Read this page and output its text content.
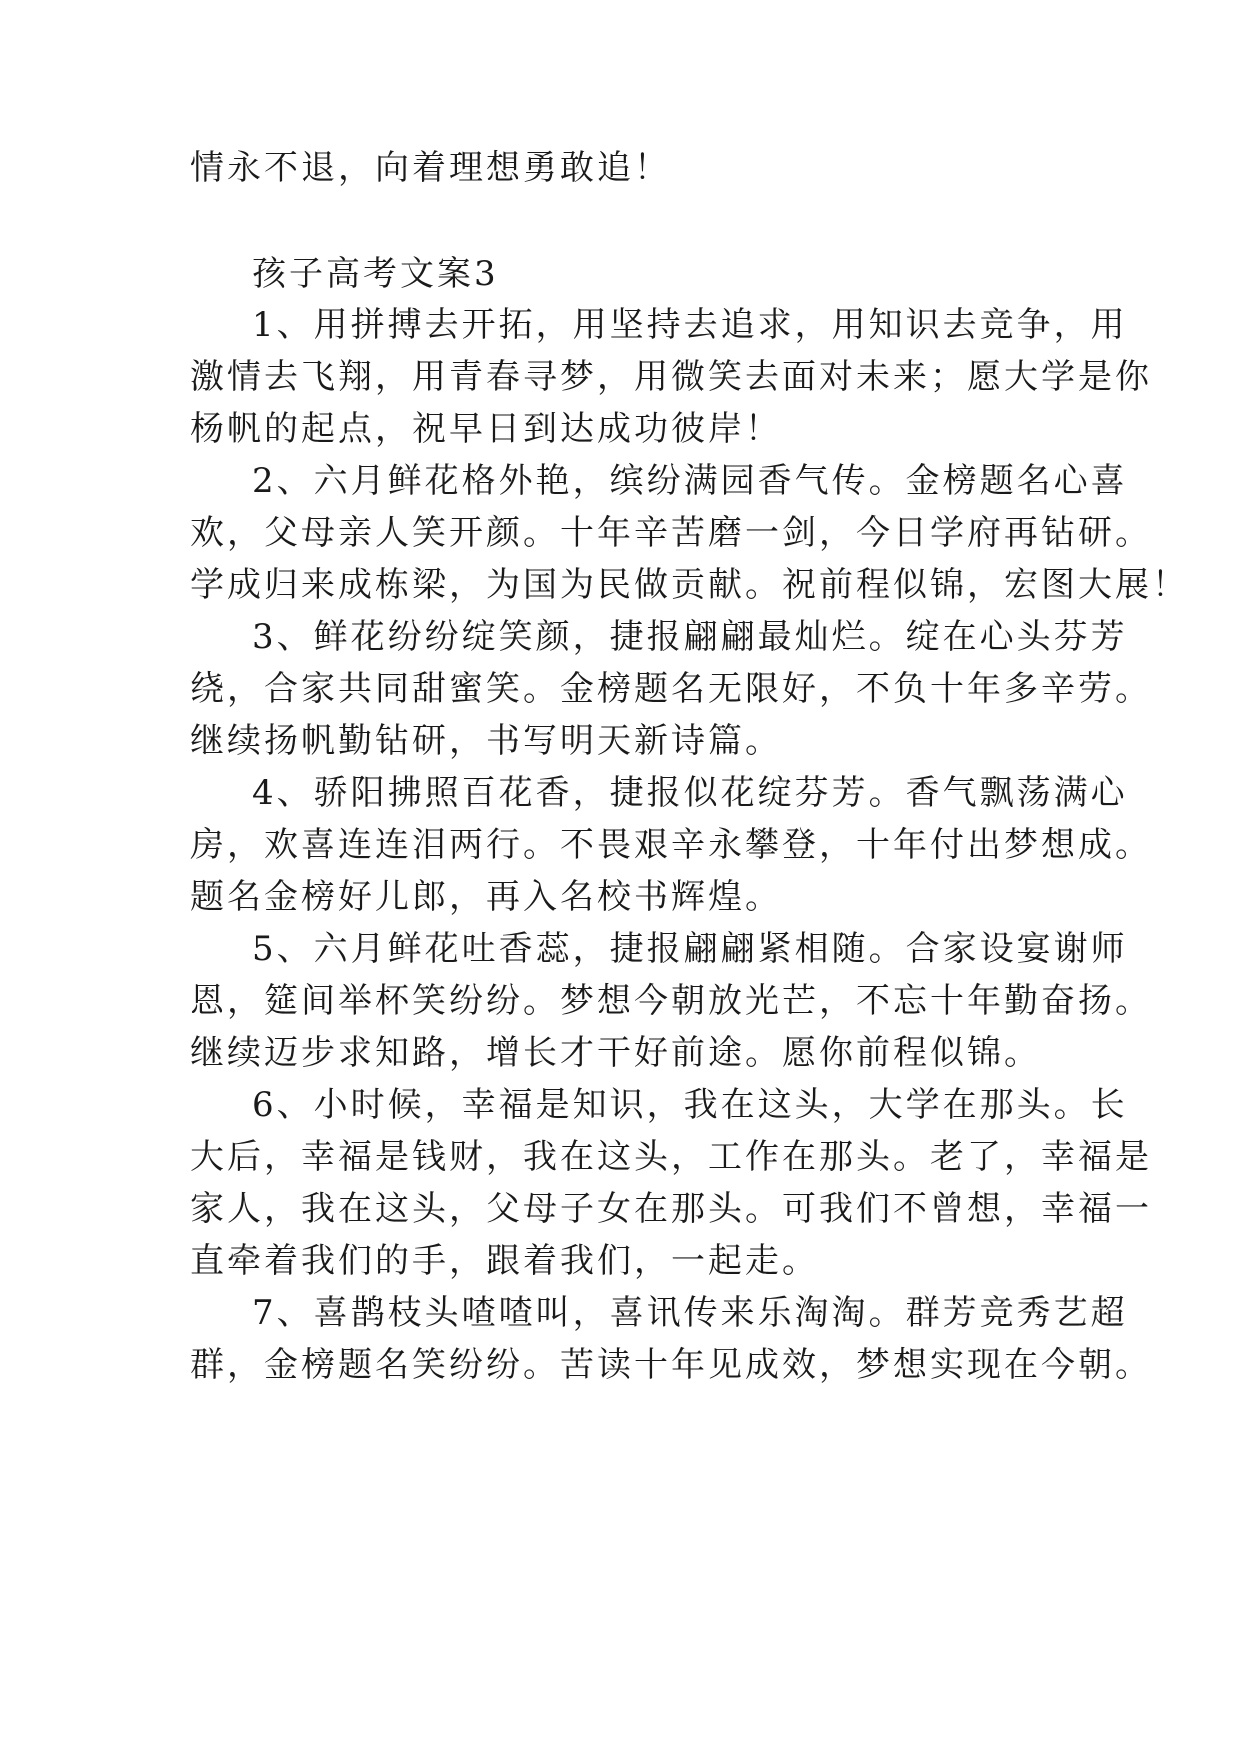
情永不退，向着理想勇敢追！
孩子高考文案3
1、用拼搏去开拓，用坚持去追求，用知识去竞争，用
激情去飞翔，用青春寻梦，用微笑去面对未来；愿大学是你
杨帆的起点，祝早日到达成功彼岸！
2、六月鲜花格外艳，缤纷满园香气传。金榜题名心喜
欢，父母亲人笑开颜。十年辛苦磨一剑，今日学府再钻研。
学成归来成栋梁，为国为民做贡献。祝前程似锦，宏图大展！
3、鲜花纷纷绽笑颜，捷报翩翩最灿烂。绽在心头芬芳
绕，合家共同甜蜜笑。金榜题名无限好，不负十年多辛劳。
继续扬帆勤钻研，书写明天新诗篇。
4、骄阳拂照百花香，捷报似花绽芬芳。香气飘荡满心
房，欢喜连连泪两行。不畏艰辛永攀登，十年付出梦想成。
题名金榜好儿郎，再入名校书辉煌。
5、六月鲜花吐香蕊，捷报翩翩紧相随。合家设宴谢师
恩，筵间举杯笑纷纷。梦想今朝放光芒，不忘十年勤奋扬。
继续迈步求知路，增长才干好前途。愿你前程似锦。
6、小时候，幸福是知识，我在这头，大学在那头。长
大后，幸福是钱财，我在这头，工作在那头。老了，幸福是
家人，我在这头，父母子女在那头。可我们不曾想，幸福一
直牵着我们的手，跟着我们，一起走。
7、喜鹊枝头喳喳叫，喜讯传来乐淘淘。群芳竞秀艺超
群，金榜题名笑纷纷。苦读十年见成效，梦想实现在今朝。
